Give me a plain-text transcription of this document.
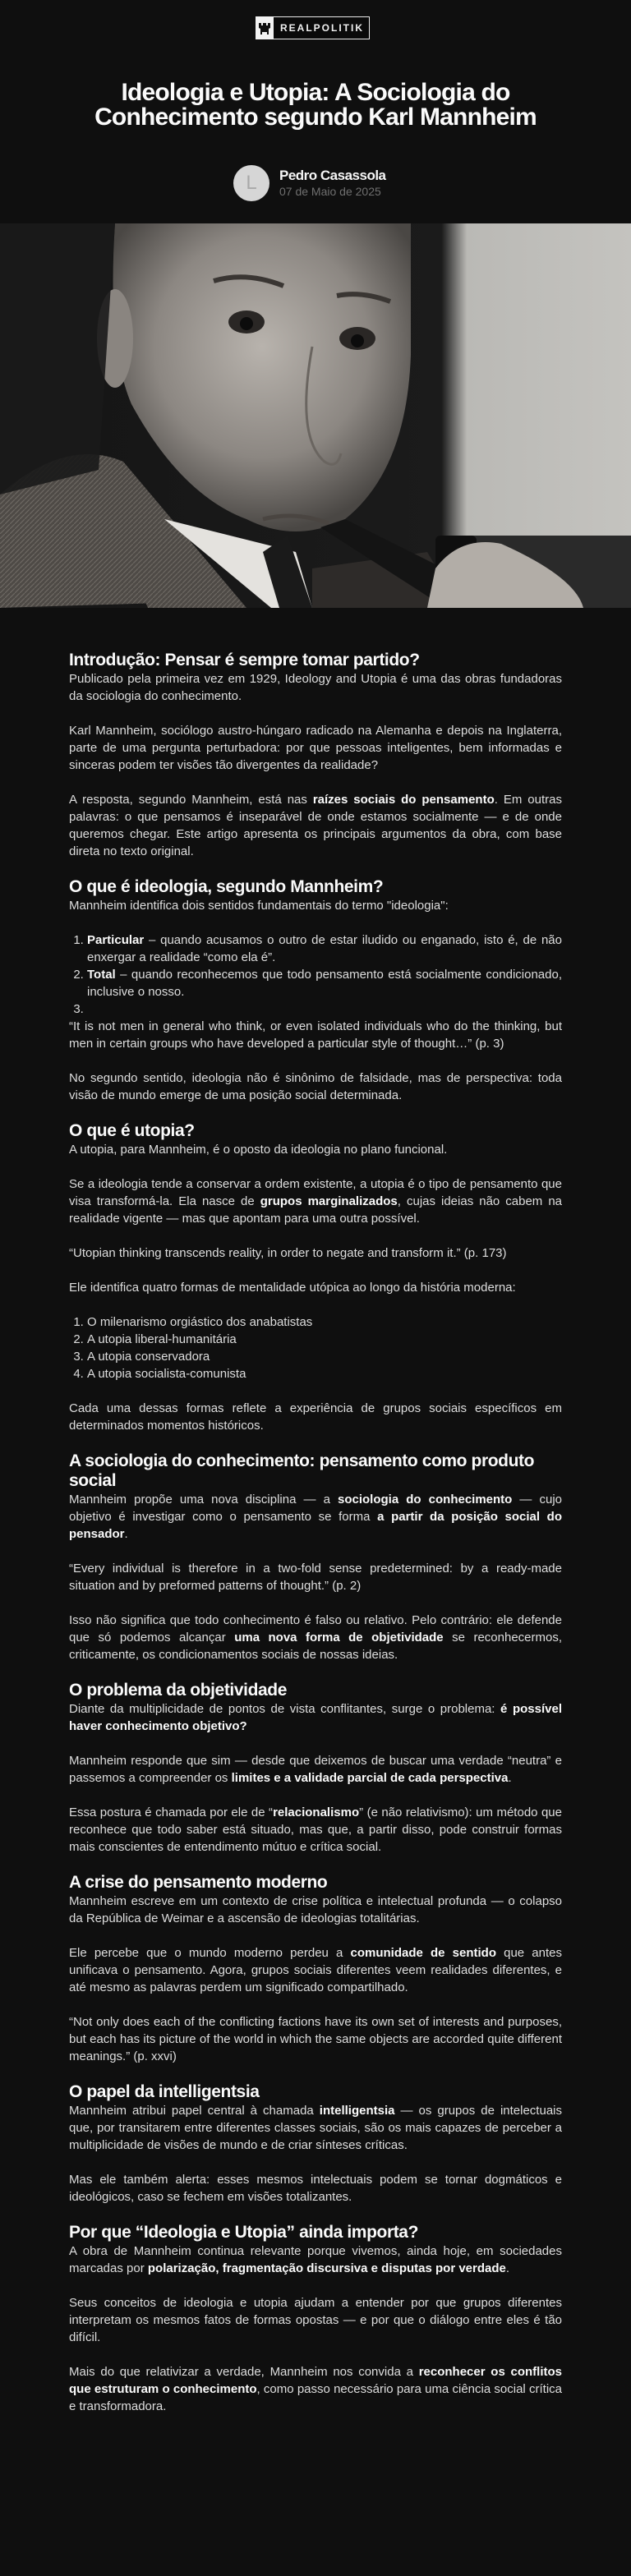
REALPOLITIK
Ideologia e Utopia: A Sociologia do Conhecimento segundo Karl Mannheim
L	Pedro Casassola
07 de Maio de 2025
Introdução: Pensar é sempre tomar partido?

Publicado pela primeira vez em 1929, Ideology and Utopia é uma das obras fundadoras da sociologia do conhecimento.

Karl Mannheim, sociólogo austro-húngaro radicado na Alemanha e depois na Inglaterra, parte de uma pergunta perturbadora: por que pessoas inteligentes, bem informadas e sinceras podem ter visões tão divergentes da realidade?

A resposta, segundo Mannheim, está nas raízes sociais do pensamento. Em outras palavras: o que pensamos é inseparável de onde estamos socialmente — e de onde queremos chegar. Este artigo apresenta os principais argumentos da obra, com base direta no texto original.

O que é ideologia, segundo Mannheim?

Mannheim identifica dois sentidos fundamentais do termo "ideologia":

1. Particular – quando acusamos o outro de estar iludido ou enganado, isto é, de não enxergar a realidade “como ela é”.
2. Total – quando reconhecemos que todo pensamento está socialmente condicionado, inclusive o nosso.
3.

“It is not men in general who think, or even isolated individuals who do the thinking, but men in certain groups who have developed a particular style of thought…” (p. 3)

No segundo sentido, ideologia não é sinônimo de falsidade, mas de perspectiva: toda visão de mundo emerge de uma posição social determinada.

O que é utopia?

A utopia, para Mannheim, é o oposto da ideologia no plano funcional.

Se a ideologia tende a conservar a ordem existente, a utopia é o tipo de pensamento que visa transformá-la. Ela nasce de grupos marginalizados, cujas ideias não cabem na realidade vigente — mas que apontam para uma outra possível.

“Utopian thinking transcends reality, in order to negate and transform it.” (p. 173)

Ele identifica quatro formas de mentalidade utópica ao longo da história moderna:

1. O milenarismo orgiástico dos anabatistas
2. A utopia liberal-humanitária
3. A utopia conservadora
4. A utopia socialista-comunista

Cada uma dessas formas reflete a experiência de grupos sociais específicos em determinados momentos históricos.

A sociologia do conhecimento: pensamento como produto social

Mannheim propõe uma nova disciplina — a sociologia do conhecimento — cujo objetivo é investigar como o pensamento se forma a partir da posição social do pensador.

“Every individual is therefore in a two-fold sense predetermined: by a ready-made situation and by preformed patterns of thought.” (p. 2)

Isso não significa que todo conhecimento é falso ou relativo. Pelo contrário: ele defende que só podemos alcançar uma nova forma de objetividade se reconhecermos, criticamente, os condicionamentos sociais de nossas ideias.

O problema da objetividade

Diante da multiplicidade de pontos de vista conflitantes, surge o problema: é possível haver conhecimento objetivo?

Mannheim responde que sim — desde que deixemos de buscar uma verdade “neutra” e passemos a compreender os limites e a validade parcial de cada perspectiva.

Essa postura é chamada por ele de “relacionalismo” (e não relativismo): um método que reconhece que todo saber está situado, mas que, a partir disso, pode construir formas mais conscientes de entendimento mútuo e crítica social.

A crise do pensamento moderno

Mannheim escreve em um contexto de crise política e intelectual profunda — o colapso da República de Weimar e a ascensão de ideologias totalitárias.

Ele percebe que o mundo moderno perdeu a comunidade de sentido que antes unificava o pensamento. Agora, grupos sociais diferentes veem realidades diferentes, e até mesmo as palavras perdem um significado compartilhado.

“Not only does each of the conflicting factions have its own set of interests and purposes, but each has its picture of the world in which the same objects are accorded quite different meanings.” (p. xxvi)

O papel da intelligentsia

Mannheim atribui papel central à chamada intelligentsia — os grupos de intelectuais que, por transitarem entre diferentes classes sociais, são os mais capazes de perceber a multiplicidade de visões de mundo e de criar sínteses críticas.

Mas ele também alerta: esses mesmos intelectuais podem se tornar dogmáticos e ideológicos, caso se fechem em visões totalizantes.

Por que “Ideologia e Utopia” ainda importa?

A obra de Mannheim continua relevante porque vivemos, ainda hoje, em sociedades marcadas por polarização, fragmentação discursiva e disputas por verdade.

Seus conceitos de ideologia e utopia ajudam a entender por que grupos diferentes interpretam os mesmos fatos de formas opostas — e por que o diálogo entre eles é tão difícil.

Mais do que relativizar a verdade, Mannheim nos convida a reconhecer os conflitos que estruturam o conhecimento, como passo necessário para uma ciência social crítica e transformadora.
